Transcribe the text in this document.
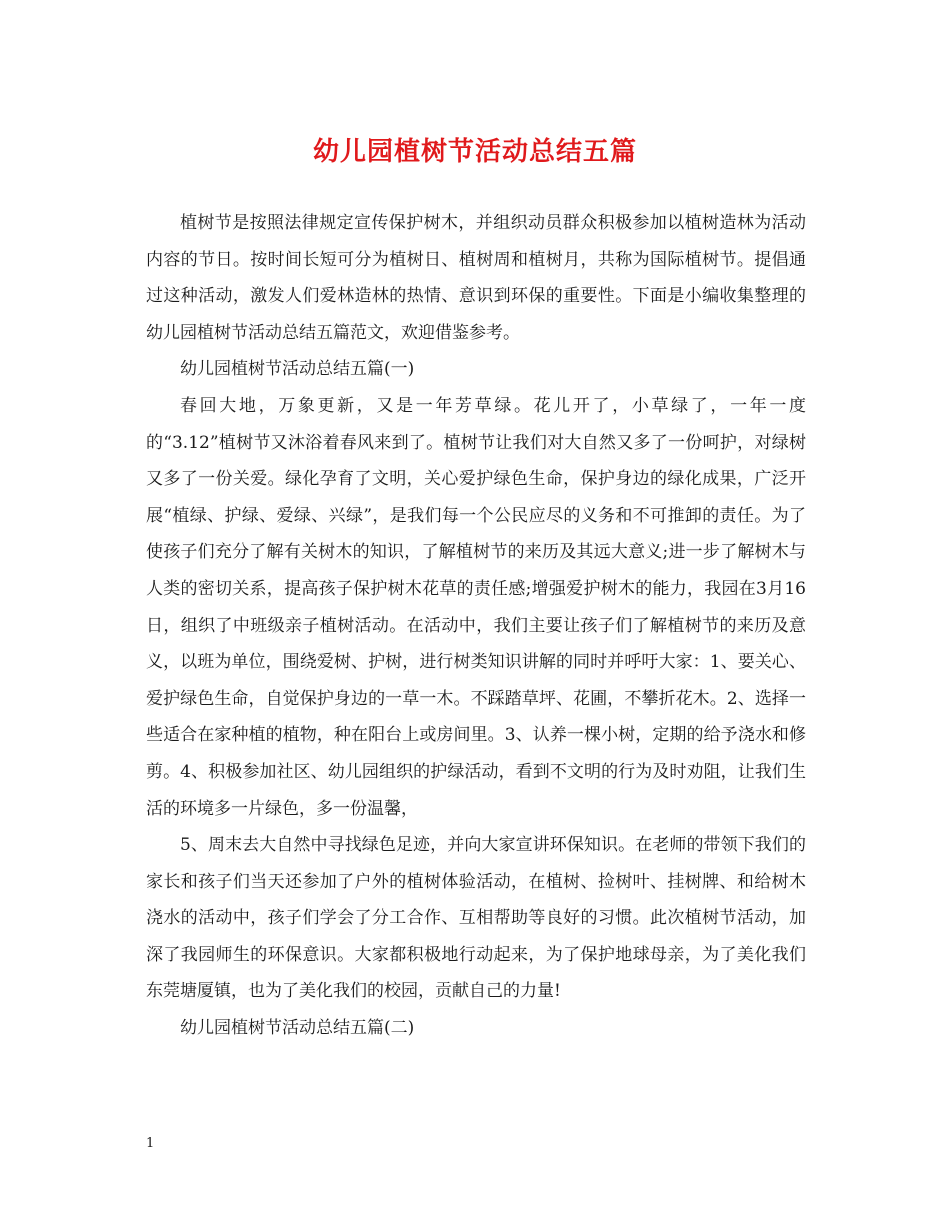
幼儿园植树节活动总结五篇

植树节是按照法律规定宣传保护树木，并组织动员群众积极参加以植树造林为活动内容的节日。按时间长短可分为植树日、植树周和植树月，共称为国际植树节。提倡通过这种活动，激发人们爱林造林的热情、意识到环保的重要性。下面是小编收集整理的幼儿园植树节活动总结五篇范文，欢迎借鉴参考。

幼儿园植树节活动总结五篇(一)

春回大地，万象更新，又是一年芳草绿。花儿开了，小草绿了，一年一度的“3.12”植树节又沐浴着春风来到了。植树节让我们对大自然又多了一份呵护，对绿树又多了一份关爱。绿化孕育了文明，关心爱护绿色生命，保护身边的绿化成果，广泛开展“植绿、护绿、爱绿、兴绿”，是我们每一个公民应尽的义务和不可推卸的责任。为了使孩子们充分了解有关树木的知识，了解植树节的来历及其远大意义;进一步了解树木与人类的密切关系，提高孩子保护树木花草的责任感;增强爱护树木的能力，我园在3月16日，组织了中班级亲子植树活动。在活动中，我们主要让孩子们了解植树节的来历及意义，以班为单位，围绕爱树、护树，进行树类知识讲解的同时并呼吁大家：1、要关心、爱护绿色生命，自觉保护身边的一草一木。不踩踏草坪、花圃，不攀折花木。2、选择一些适合在家种植的植物，种在阳台上或房间里。3、认养一棵小树，定期的给予浇水和修剪。4、积极参加社区、幼儿园组织的护绿活动，看到不文明的行为及时劝阻，让我们生活的环境多一片绿色，多一份温馨，

5、周末去大自然中寻找绿色足迹，并向大家宣讲环保知识。在老师的带领下我们的家长和孩子们当天还参加了户外的植树体验活动，在植树、捡树叶、挂树牌、和给树木浇水的活动中，孩子们学会了分工合作、互相帮助等良好的习惯。此次植树节活动，加深了我园师生的环保意识。大家都积极地行动起来，为了保护地球母亲，为了美化我们东莞塘厦镇，也为了美化我们的校园，贡献自己的力量!

幼儿园植树节活动总结五篇(二)

1
